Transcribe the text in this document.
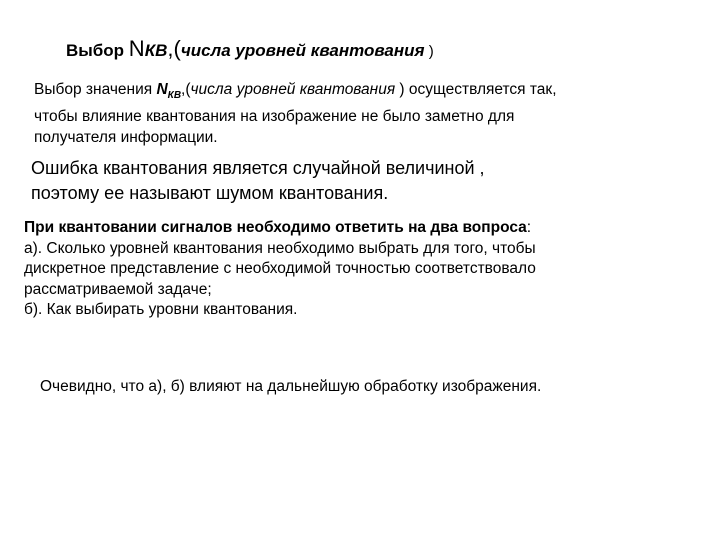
Выбор NКВ,(числа уровней квантования )
Выбор значения $N_{КВ},(числа$ уровней квантования ) осуществляется так,
чтобы влияние квантования на изображение не было заметно для
получателя информации.
Ошибка квантования является случайной величиной ,
поэтому ее называют шумом квантования.
При квантовании сигналов необходимо ответить на два вопроса:
а). Сколько уровней квантования необходимо выбрать для того, чтобы
дискретное представление с необходимой точностью соответствовало
рассматриваемой задаче;
б). Как выбирать уровни квантования.
Очевидно, что а), б) влияют на дальнейшую обработку изображения.
